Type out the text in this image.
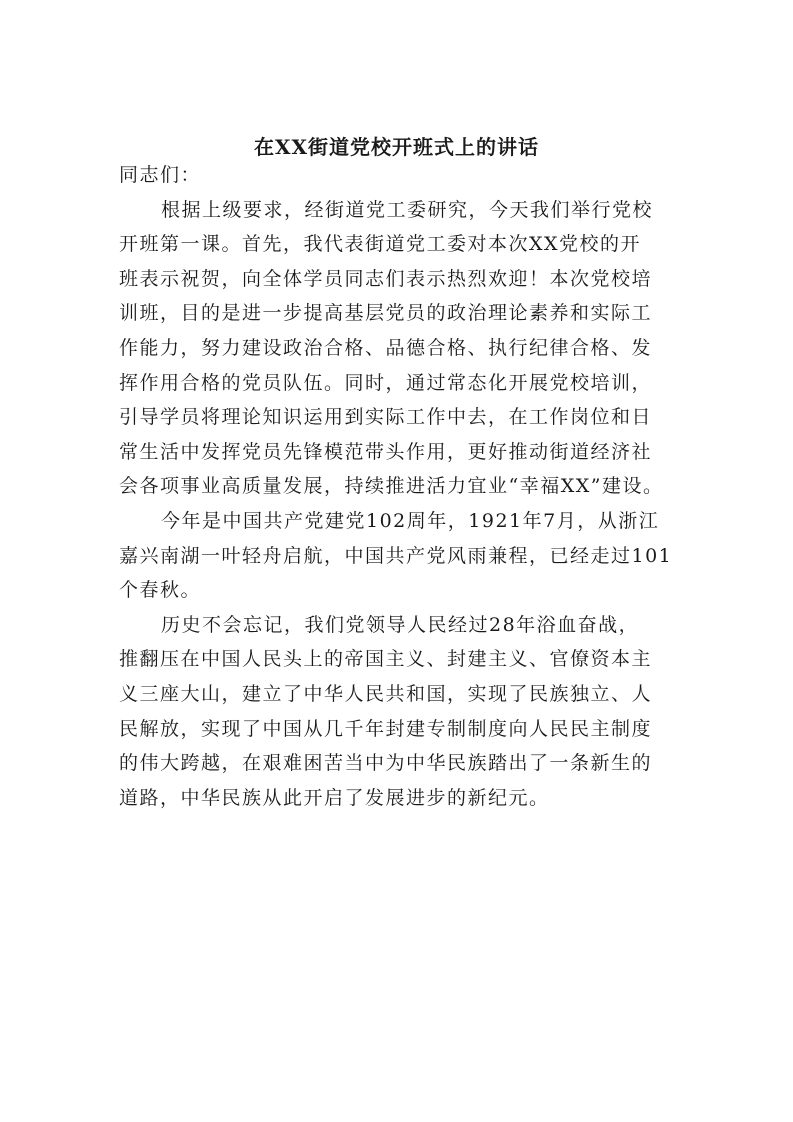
在XX街道党校开班式上的讲话
同志们：
根据上级要求，经街道党工委研究，今天我们举行党校
开班第一课。首先，我代表街道党工委对本次XX党校的开
班表示祝贺，向全体学员同志们表示热烈欢迎！本次党校培
训班，目的是进一步提高基层党员的政治理论素养和实际工
作能力，努力建设政治合格、品德合格、执行纪律合格、发
挥作用合格的党员队伍。同时，通过常态化开展党校培训，
引导学员将理论知识运用到实际工作中去，在工作岗位和日
常生活中发挥党员先锋模范带头作用，更好推动街道经济社
会各项事业高质量发展，持续推进活力宜业“幸福XX”建设。
今年是中国共产党建党102周年，1921年7月，从浙江
嘉兴南湖一叶轻舟启航，中国共产党风雨兼程，已经走过101
个春秋。
历史不会忘记，我们党领导人民经过28年浴血奋战，
推翻压在中国人民头上的帝国主义、封建主义、官僚资本主
义三座大山，建立了中华人民共和国，实现了民族独立、人
民解放，实现了中国从几千年封建专制制度向人民民主制度
的伟大跨越，在艰难困苦当中为中华民族踏出了一条新生的
道路，中华民族从此开启了发展进步的新纪元。
